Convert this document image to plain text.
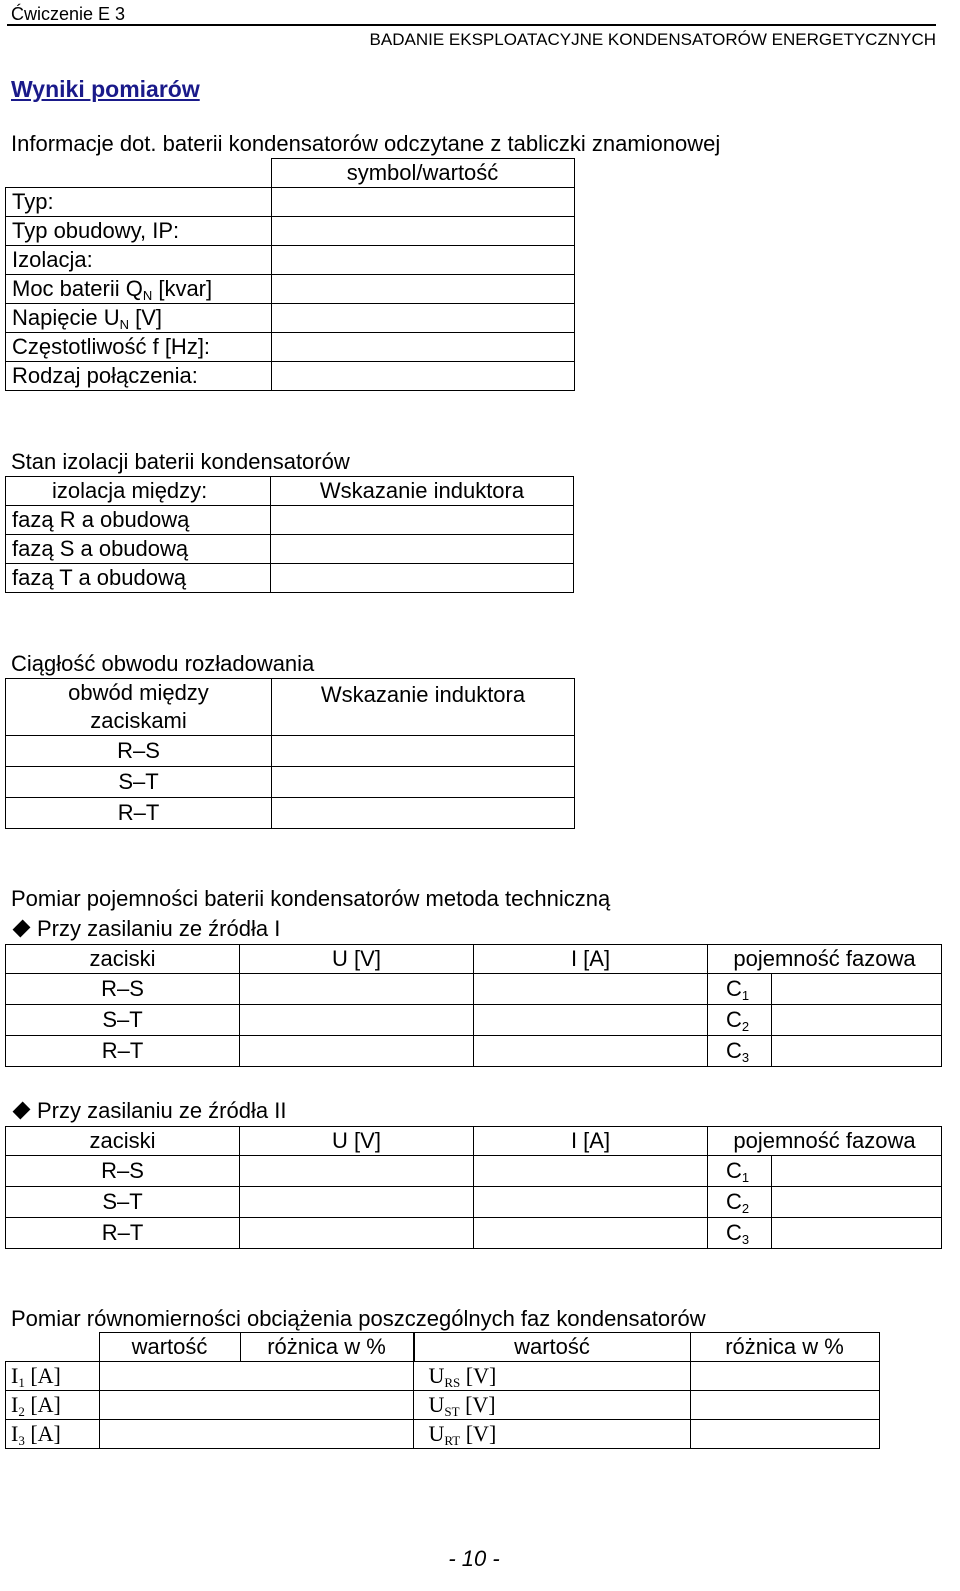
Ćwiczenie E 3
BADANIE EKSPLOATACYJNE KONDENSATORÓW ENERGETYCZNYCH
Wyniki pomiarów
Informacje dot. baterii kondensatorów odczytane z tabliczki znamionowej
	symbol/wartość
Typ:	
Typ obudowy, IP:	
Izolacja:	
Moc baterii $Q_N$ [kvar]	
Napięcie $U_N$ [V]	
Częstotliwość f [Hz]:	
Rodzaj połączenia:	
Stan izolacji baterii kondensatorów
izolacja między:	Wskazanie induktora
fazą R a obudową	
fazą S a obudową	
fazą T a obudową	
Ciągłość obwodu rozładowania
obwód między
zaciskami	Wskazanie induktora
R–S	
S–T	
R–T	
Pomiar pojemności baterii kondensatorów metoda techniczną
Przy zasilaniu ze źródła I
zaciski	U [V]	I [A]	pojemność fazowa	
R–S			$C_1$	
S–T			$C_2$	
R–T			$C_3$	
Przy zasilaniu ze źródła II
zaciski	U [V]	I [A]	pojemność fazowa	
R–S			$C_1$	
S–T			$C_2$	
R–T			$C_3$	
Pomiar równomierności obciążenia poszczególnych faz kondensatorów
	wartość	różnica w %		wartość	różnica w %
$I_1$ [A]			$U_{RS}$ [V]	
$I_2$ [A]			$U_{ST}$ [V]	
$I_3$ [A]			$U_{RT}$ [V]	
- 10 -
